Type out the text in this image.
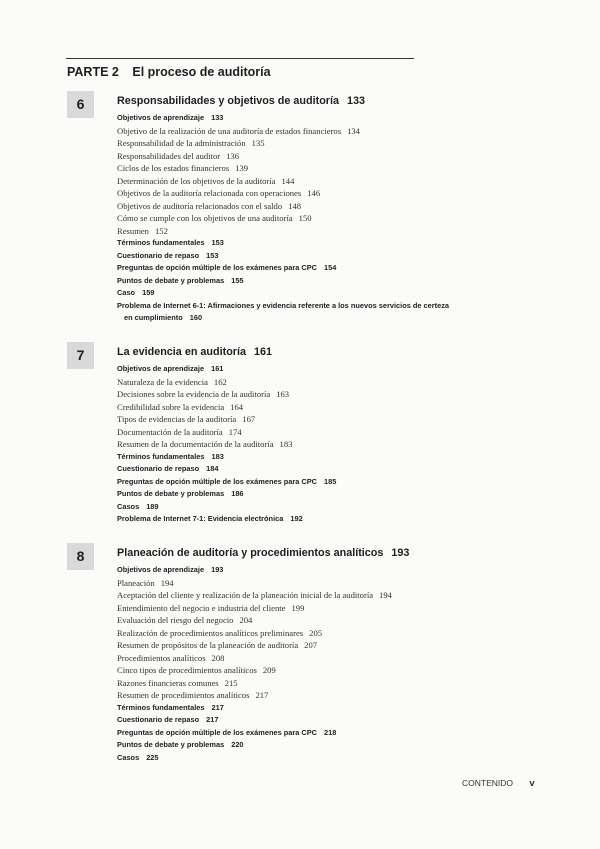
PARTE 2 El proceso de auditoría
6	Responsabilidades y objetivos de auditoría 133
Objetivos de aprendizaje 133
Objetivo de la realización de una auditoría de estados financieros 134
Responsabilidad de la administración 135
Responsabilidades del auditor 136
Ciclos de los estados financieros 139
Determinación de los objetivos de la auditoría 144
Objetivos de la auditoría relacionada con operaciones 146
Objetivos de auditoría relacionados con el saldo 148
Cómo se cumple con los objetivos de una auditoría 150
Resumen 152
Términos fundamentales 153
Cuestionario de repaso 153
Preguntas de opción múltiple de los exámenes para CPC 154
Puntos de debate y problemas 155
Caso 159
Problema de Internet 6-1: Afirmaciones y evidencia referente a los nuevos servicios de certeza
en cumplimiento 160
7	La evidencia en auditoría 161
Objetivos de aprendizaje 161
Naturaleza de la evidencia 162
Decisiones sobre la evidencia de la auditoría 163
Credibilidad sobre la evidencia 164
Tipos de evidencias de la auditoría 167
Documentación de la auditoría 174
Resumen de la documentación de la auditoría 183
Términos fundamentales 183
Cuestionario de repaso 184
Preguntas de opción múltiple de los exámenes para CPC 185
Puntos de debate y problemas 186
Casos 189
Problema de Internet 7-1: Evidencia electrónica 192
8	Planeación de auditoría y procedimientos analíticos 193
Objetivos de aprendizaje 193
Planeación 194
Aceptación del cliente y realización de la planeación inicial de la auditoría 194
Entendimiento del negocio e industria del cliente 199
Evaluación del riesgo del negocio 204
Realización de procedimientos analíticos preliminares 205
Resumen de propósitos de la planeación de auditoría 207
Procedimientos analíticos 208
Cinco tipos de procedimientos analíticos 209
Razones financieras comunes 215
Resumen de procedimientos analíticos 217
Términos fundamentales 217
Cuestionario de repaso 217
Preguntas de opción múltiple de los exámenes para CPC 218
Puntos de debate y problemas 220
Casos 225
CONTENIDO v
